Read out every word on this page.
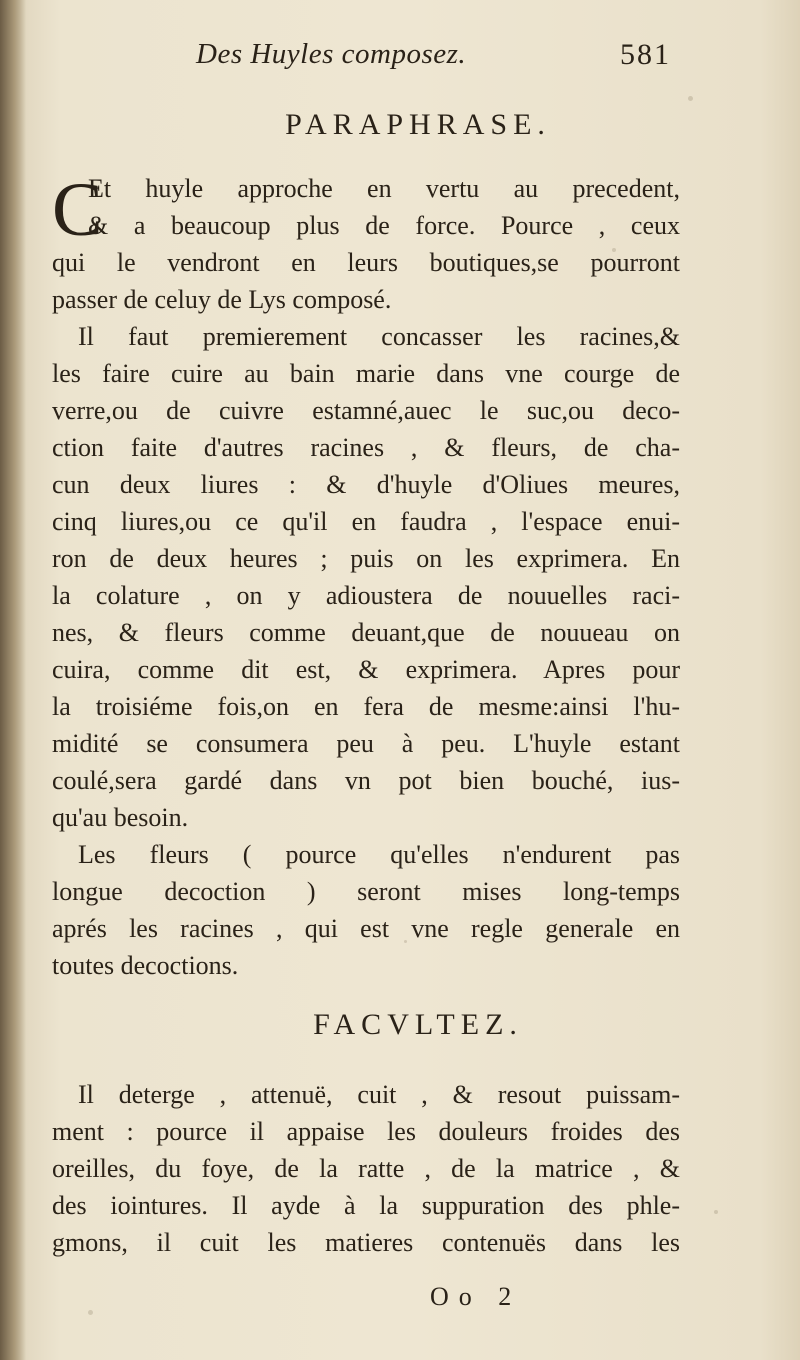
Des Huyles composez.	581
PARAPHRASE.
C
Et huyle approche en vertu au precedent,
& a beaucoup plus de force. Pource , ceux
qui le vendront en leurs boutiques,se pourront
passer de celuy de Lys composé.
Il faut premierement concasser les racines,&
les faire cuire au bain marie dans vne courge de
verre,ou de cuivre estamné,auec le suc,ou deco-
ction faite d'autres racines , & fleurs, de cha-
cun deux liures : & d'huyle d'Oliues meures,
cinq liures,ou ce qu'il en faudra , l'espace enui-
ron de deux heures ; puis on les exprimera. En
la colature , on y adioustera de nouuelles raci-
nes, & fleurs comme deuant,que de nouueau on
cuira, comme dit est, & exprimera. Apres pour
la troisiéme fois,on en fera de mesme:ainsi l'hu-
midité se consumera peu à peu. L'huyle estant
coulé,sera gardé dans vn pot bien bouché, ius-
qu'au besoin.
Les fleurs ( pource qu'elles n'endurent pas
longue decoction ) seront mises long-temps
aprés les racines , qui est vne regle generale en
toutes decoctions.
FACVLTEZ.
Il deterge , attenuë, cuit , & resout puissam-
ment : pource il appaise les douleurs froides des
oreilles, du foye, de la ratte , de la matrice , &
des iointures. Il ayde à la suppuration des phle-
gmons, il cuit les matieres contenuës dans les
Oo 2
